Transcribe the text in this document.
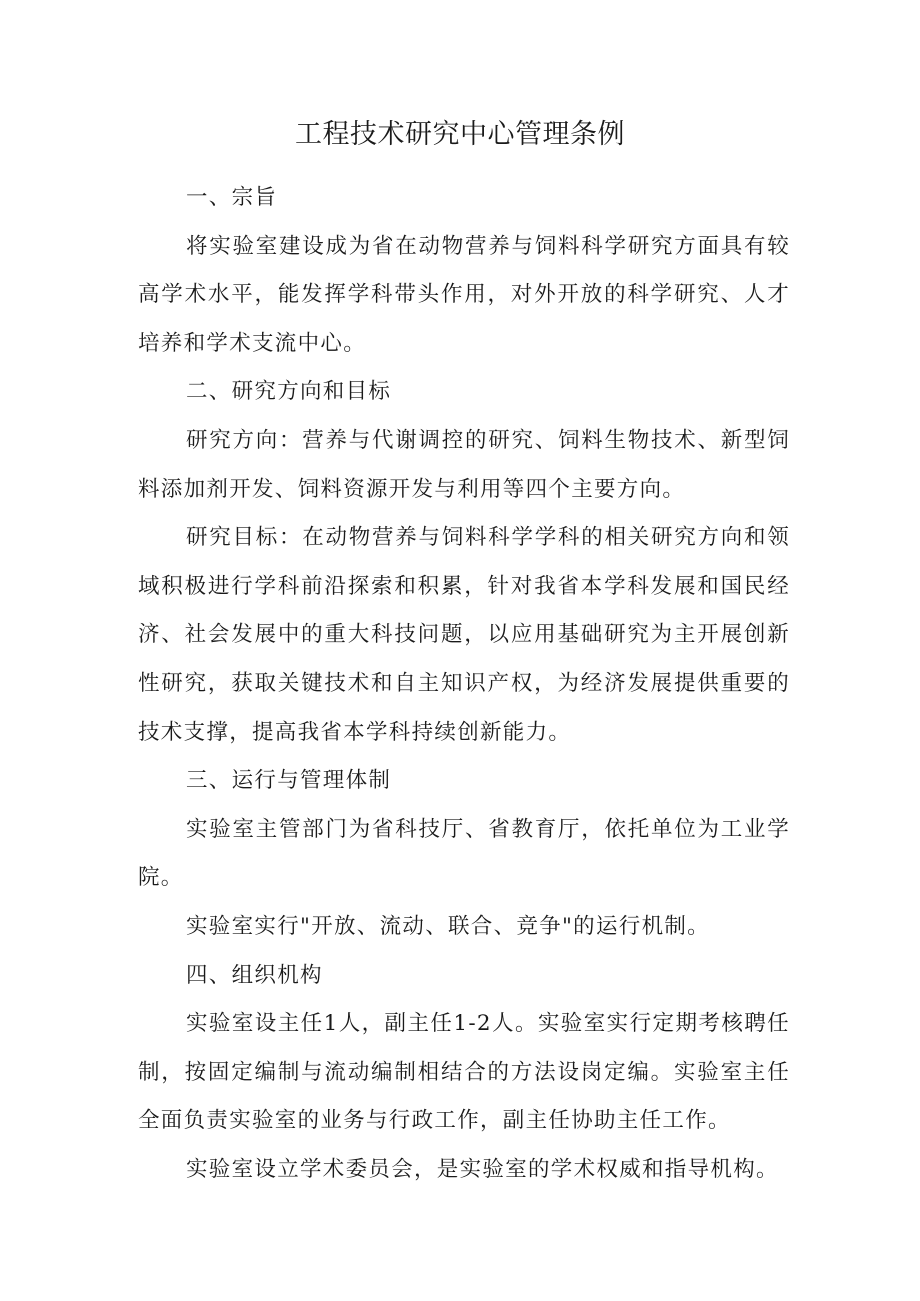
工程技术研究中心管理条例

一、宗旨

将实验室建设成为省在动物营养与饲料科学研究方面具有较高学术水平，能发挥学科带头作用，对外开放的科学研究、人才培养和学术支流中心。

二、研究方向和目标

研究方向：营养与代谢调控的研究、饲料生物技术、新型饲料添加剂开发、饲料资源开发与利用等四个主要方向。

研究目标：在动物营养与饲料科学学科的相关研究方向和领域积极进行学科前沿探索和积累，针对我省本学科发展和国民经济、社会发展中的重大科技问题，以应用基础研究为主开展创新性研究，获取关键技术和自主知识产权，为经济发展提供重要的技术支撑，提高我省本学科持续创新能力。

三、运行与管理体制

实验室主管部门为省科技厅、省教育厅，依托单位为工业学院。

实验室实行"开放、流动、联合、竞争"的运行机制。

四、组织机构

实验室设主任1人，副主任1-2人。实验室实行定期考核聘任制，按固定编制与流动编制相结合的方法设岗定编。实验室主任全面负责实验室的业务与行政工作，副主任协助主任工作。

实验室设立学术委员会，是实验室的学术权威和指导机构。
